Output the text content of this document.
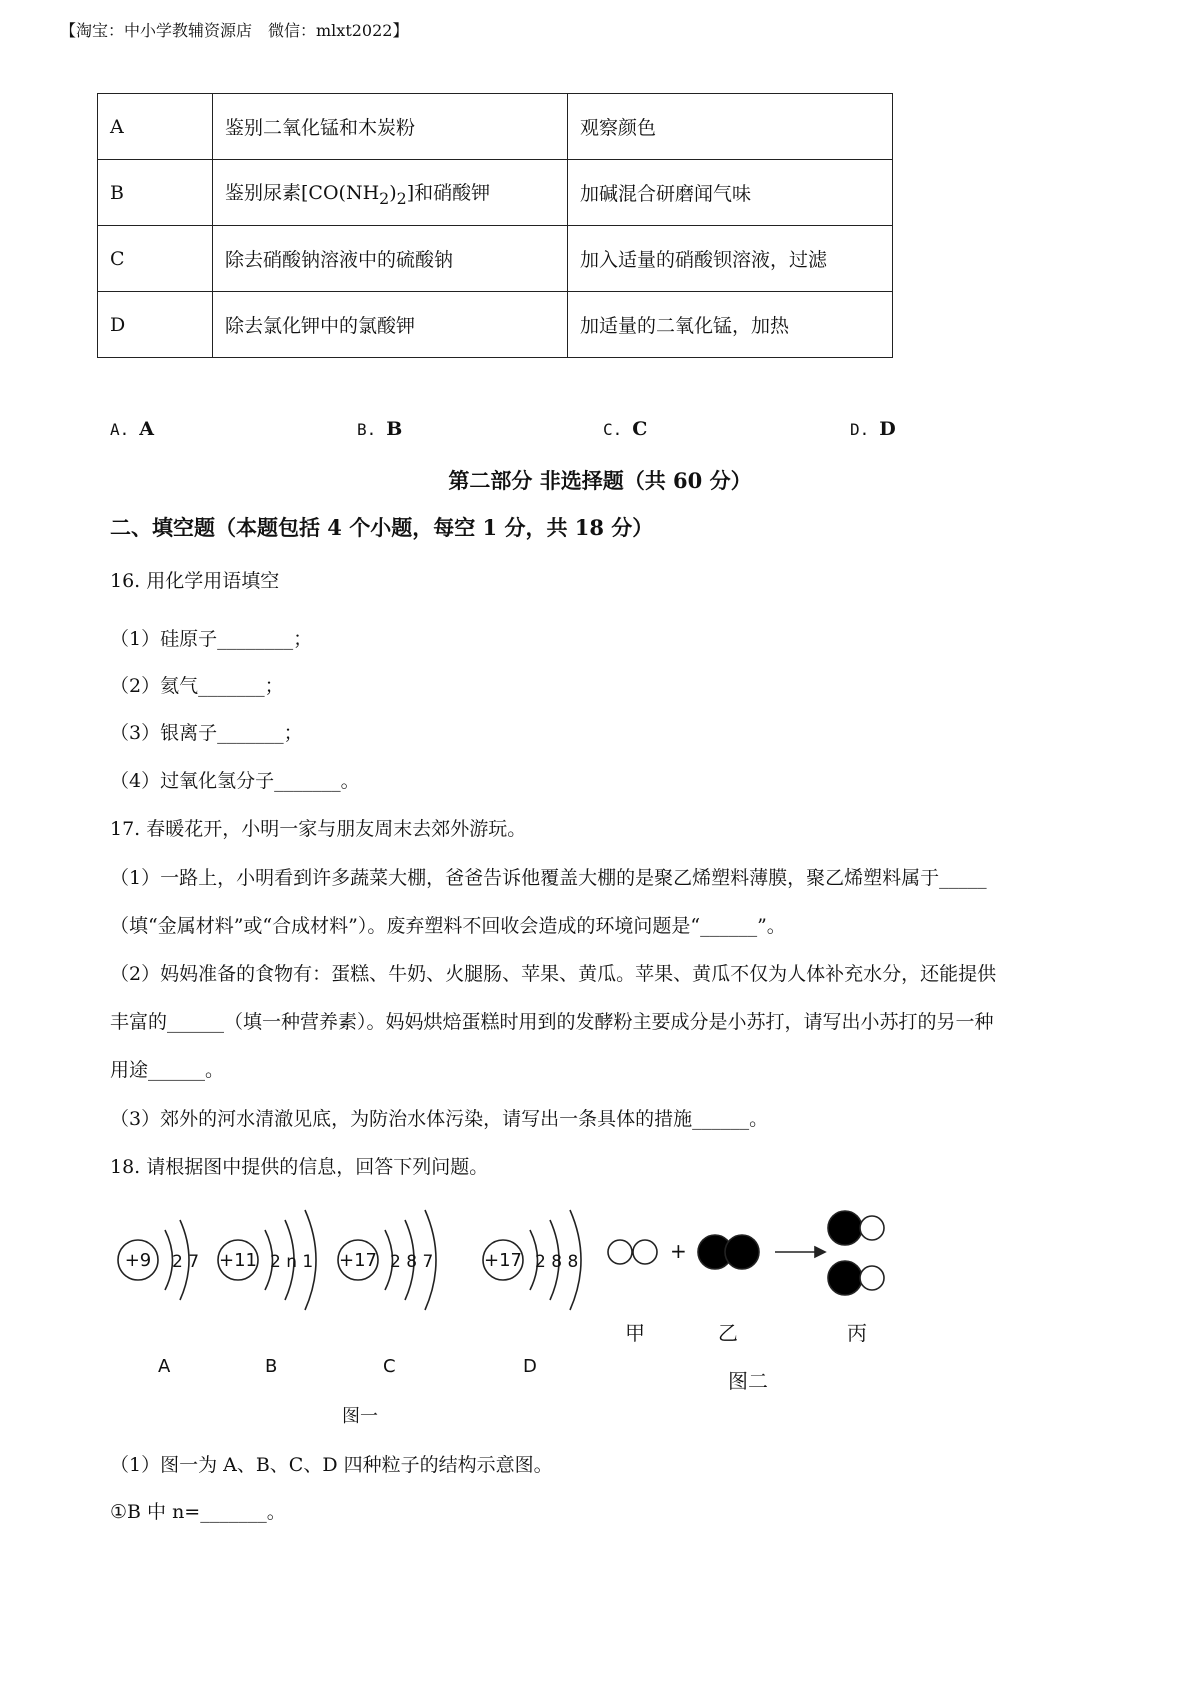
【淘宝：中小学教辅资源店　微信：mlxt2022】
A	鉴别二氧化锰和木炭粉	观察颜色
B	鉴别尿素$[CO(NH_2)_2]$和硝酸钾	加碱混合研磨闻气味
C	除去硝酸钠溶液中的硫酸钠	加入适量的硝酸钡溶液，过滤
D	除去氯化钾中的氯酸钾	加适量的二氧化锰，加热
A. A	B. B	C. C	D. D
第二部分 非选择题（共 60 分）
二、填空题（本题包括 4 个小题，每空 1 分，共 18 分）
16. 用化学用语填空
（1）硅原子________；
（2）氦气_______；
（3）银离子_______；
（4）过氧化氢分子_______。
17. 春暖花开，小明一家与朋友周末去郊外游玩。
（1）一路上，小明看到许多蔬菜大棚，爸爸告诉他覆盖大棚的是聚乙烯塑料薄膜，聚乙烯塑料属于_____
（填“金属材料”或“合成材料”）。废弃塑料不回收会造成的环境问题是“______”。
（2）妈妈准备的食物有：蛋糕、牛奶、火腿肠、苹果、黄瓜。苹果、黄瓜不仅为人体补充水分，还能提供
丰富的______（填一种营养素）。妈妈烘焙蛋糕时用到的发酵粉主要成分是小苏打，请写出小苏打的另一种
用途______。
（3）郊外的河水清澈见底，为防治水体污染，请写出一条具体的措施______。
18. 请根据图中提供的信息，回答下列问题。
+9 2 7 +11 2 n 1 +17 2 8 7	+17 2 8 8
A	B	C	D
图一
+
甲	乙	丙
图二
（1）图一为 A、B、C、D 四种粒子的结构示意图。
①B 中 n=_______。
